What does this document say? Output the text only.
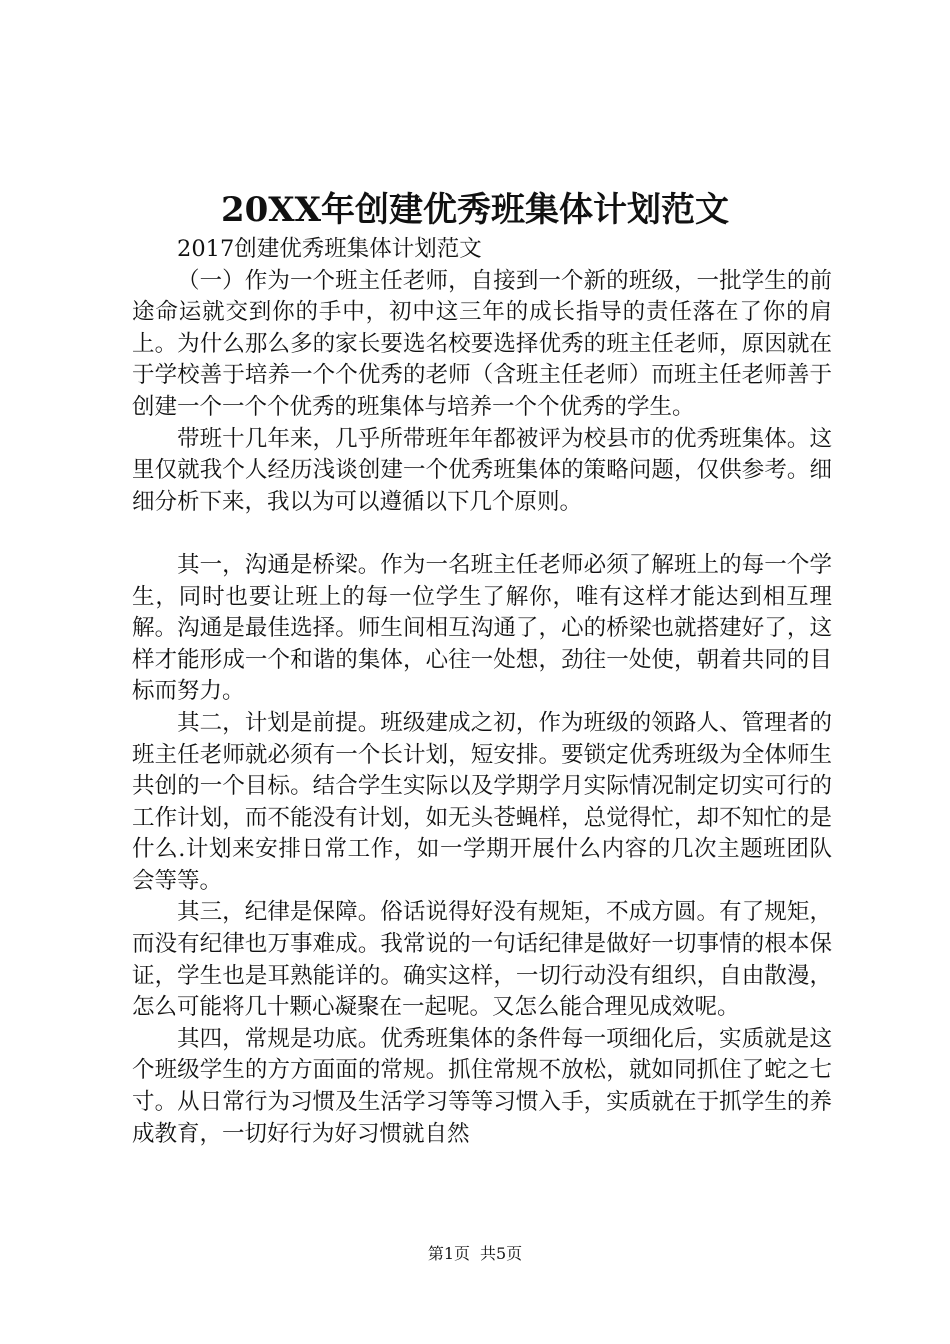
20XX年创建优秀班集体计划范文

2017创建优秀班集体计划范文

（一）作为一个班主任老师，自接到一个新的班级，一批学生的前途命运就交到你的手中，初中这三年的成长指导的责任落在了你的肩上。为什么那么多的家长要选名校要选择优秀的班主任老师，原因就在于学校善于培养一个个优秀的老师（含班主任老师）而班主任老师善于创建一个一个个优秀的班集体与培养一个个优秀的学生。

带班十几年来，几乎所带班年年都被评为校县市的优秀班集体。这里仅就我个人经历浅谈创建一个优秀班集体的策略问题，仅供参考。细细分析下来，我以为可以遵循以下几个原则。

其一，沟通是桥梁。作为一名班主任老师必须了解班上的每一个学生，同时也要让班上的每一位学生了解你，唯有这样才能达到相互理解。沟通是最佳选择。师生间相互沟通了，心的桥梁也就搭建好了，这样才能形成一个和谐的集体，心往一处想，劲往一处使，朝着共同的目标而努力。

其二，计划是前提。班级建成之初，作为班级的领路人、管理者的班主任老师就必须有一个长计划，短安排。要锁定优秀班级为全体师生共创的一个目标。结合学生实际以及学期学月实际情况制定切实可行的工作计划，而不能没有计划，如无头苍蝇样，总觉得忙，却不知忙的是什么.计划来安排日常工作，如一学期开展什么内容的几次主题班团队会等等。

其三，纪律是保障。俗话说得好没有规矩，不成方圆。有了规矩，而没有纪律也万事难成。我常说的一句话纪律是做好一切事情的根本保证，学生也是耳熟能详的。确实这样，一切行动没有组织，自由散漫，怎么可能将几十颗心凝聚在一起呢。又怎么能合理见成效呢。

其四，常规是功底。优秀班集体的条件每一项细化后，实质就是这个班级学生的方方面面的常规。抓住常规不放松，就如同抓住了蛇之七寸。从日常行为习惯及生活学习等等习惯入手，实质就在于抓学生的养成教育，一切好行为好习惯就自然

第1页 共5页
